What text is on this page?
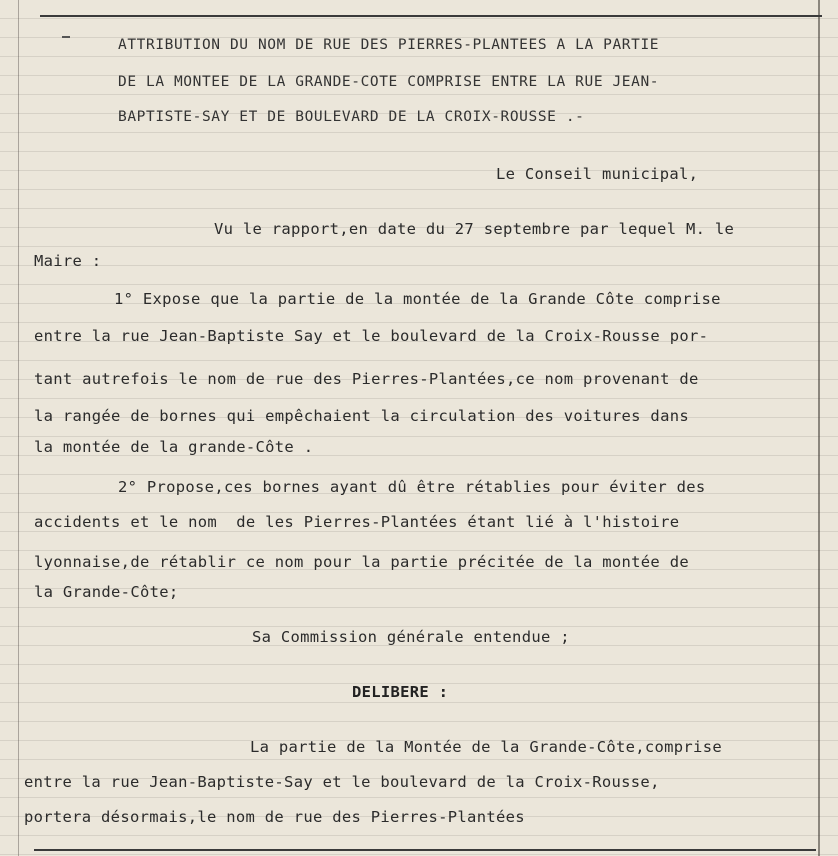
ATTRIBUTION DU NOM DE RUE DES PIERRES-PLANTEES A LA PARTIE
DE LA MONTEE DE LA GRANDE-COTE COMPRISE ENTRE LA RUE JEAN-
BAPTISTE-SAY ET DE BOULEVARD DE LA CROIX-ROUSSE .-
Le Conseil municipal,
Vu le rapport,en date du 27 septembre par lequel M. le
Maire :
1° Expose que la partie de la montée de la Grande Côte comprise
entre la rue Jean-Baptiste Say et le boulevard de la Croix-Rousse por-
tant autrefois le nom de rue des Pierres-Plantées,ce nom provenant de
la rangée de bornes qui empêchaient la circulation des voitures dans
la montée de la grande-Côte .
2° Propose,ces bornes ayant dû être rétablies pour éviter des
accidents et le nom  de les Pierres-Plantées étant lié à l'histoire
lyonnaise,de rétablir ce nom pour la partie précitée de la montée de
la Grande-Côte;
Sa Commission générale entendue ;
DELIBERE :
La partie de la Montée de la Grande-Côte,comprise
entre la rue Jean-Baptiste-Say et le boulevard de la Croix-Rousse,
portera désormais,le nom de rue des Pierres-Plantées
